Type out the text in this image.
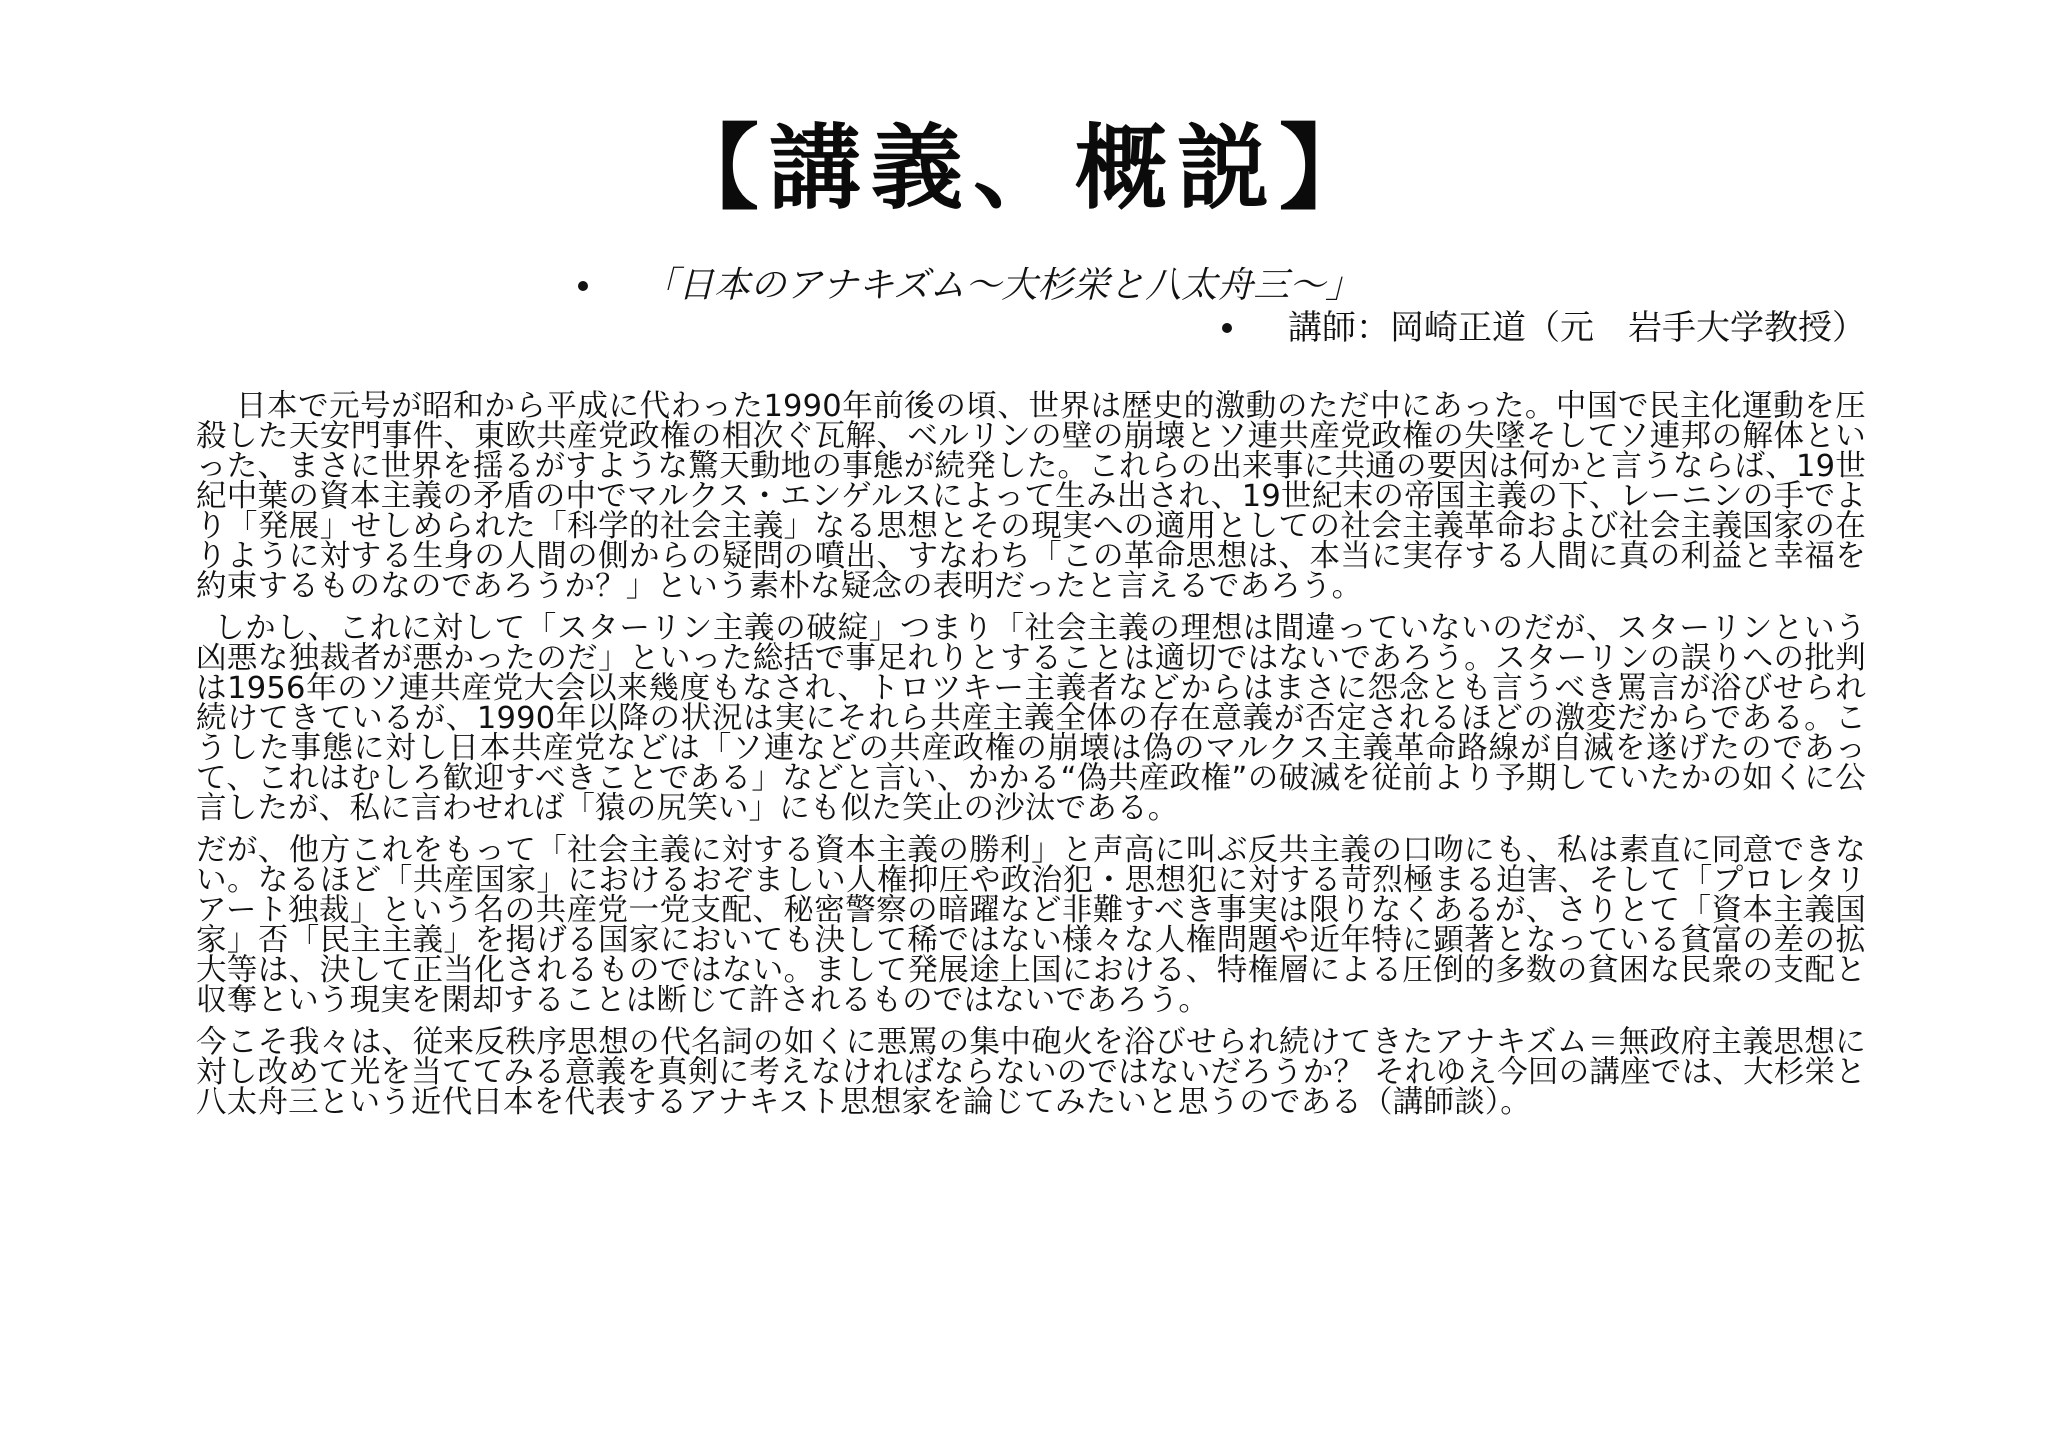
【講義、概説】
「日本のアナキズム～大杉栄と八太舟三～」
講師：岡崎正道（元　岩手大学教授）

日本で元号が昭和から平成に代わった1990年前後の頃、世界は歴史的激動のただ中にあった。中国で民主化運動を圧殺した天安門事件、東欧共産党政権の相次ぐ瓦解、ベルリンの壁の崩壊とソ連共産党政権の失墜そしてソ連邦の解体といった、まさに世界を揺るがすような驚天動地の事態が続発した。これらの出来事に共通の要因は何かと言うならば、19世紀中葉の資本主義の矛盾の中でマルクス・エンゲルスによって生み出され、19世紀末の帝国主義の下、レーニンの手でより「発展」せしめられた「科学的社会主義」なる思想とその現実への適用としての社会主義革命および社会主義国家の在りように対する生身の人間の側からの疑問の噴出、すなわち「この革命思想は、本当に実存する人間に真の利益と幸福を約束するものなのであろうか？」という素朴な疑念の表明だったと言えるであろう。

しかし、これに対して「スターリン主義の破綻」つまり「社会主義の理想は間違っていないのだが、スターリンという凶悪な独裁者が悪かったのだ」といった総括で事足れりとすることは適切ではないであろう。スターリンの誤りへの批判は1956年のソ連共産党大会以来幾度もなされ、トロツキー主義者などからはまさに怨念とも言うべき罵言が浴びせられ続けてきているが、1990年以降の状況は実にそれら共産主義全体の存在意義が否定されるほどの激変だからである。こうした事態に対し日本共産党などは「ソ連などの共産政権の崩壊は偽のマルクス主義革命路線が自滅を遂げたのであって、これはむしろ歓迎すべきことである」などと言い、かかる“偽共産政権”の破滅を従前より予期していたかの如くに公言したが、私に言わせれば「猿の尻笑い」にも似た笑止の沙汰である。

だが、他方これをもって「社会主義に対する資本主義の勝利」と声高に叫ぶ反共主義の口吻にも、私は素直に同意できない。なるほど「共産国家」におけるおぞましい人権抑圧や政治犯・思想犯に対する苛烈極まる迫害、そして「プロレタリアート独裁」という名の共産党一党支配、秘密警察の暗躍など非難すべき事実は限りなくあるが、さりとて「資本主義国家」否「民主主義」を掲げる国家においても決して稀ではない様々な人権問題や近年特に顕著となっている貧富の差の拡大等は、決して正当化されるものではない。まして発展途上国における、特権層による圧倒的多数の貧困な民衆の支配と収奪という現実を閑却することは断じて許されるものではないであろう。

今こそ我々は、従来反秩序思想の代名詞の如くに悪罵の集中砲火を浴びせられ続けてきたアナキズム＝無政府主義思想に対し改めて光を当ててみる意義を真剣に考えなければならないのではないだろうか？ それゆえ今回の講座では、大杉栄と八太舟三という近代日本を代表するアナキスト思想家を論じてみたいと思うのである（講師談）。
